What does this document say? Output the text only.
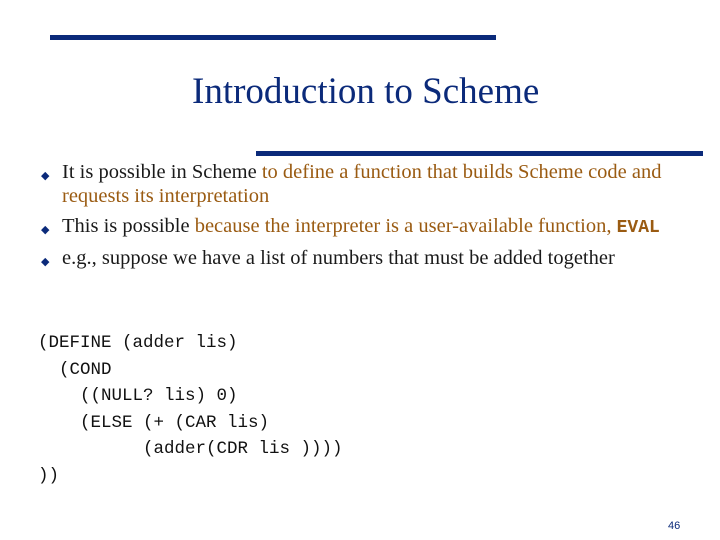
Introduction to Scheme
◆ It is possible in Scheme to define a function that builds Scheme code and requests its interpretation
◆ This is possible because the interpreter is a user-available function, EVAL
◆ e.g., suppose we have a list of numbers that must be added together
(DEFINE (adder lis)
(COND
((NULL? lis) 0)
(ELSE (+ (CAR lis)
(adder(CDR lis ))))
))
46
